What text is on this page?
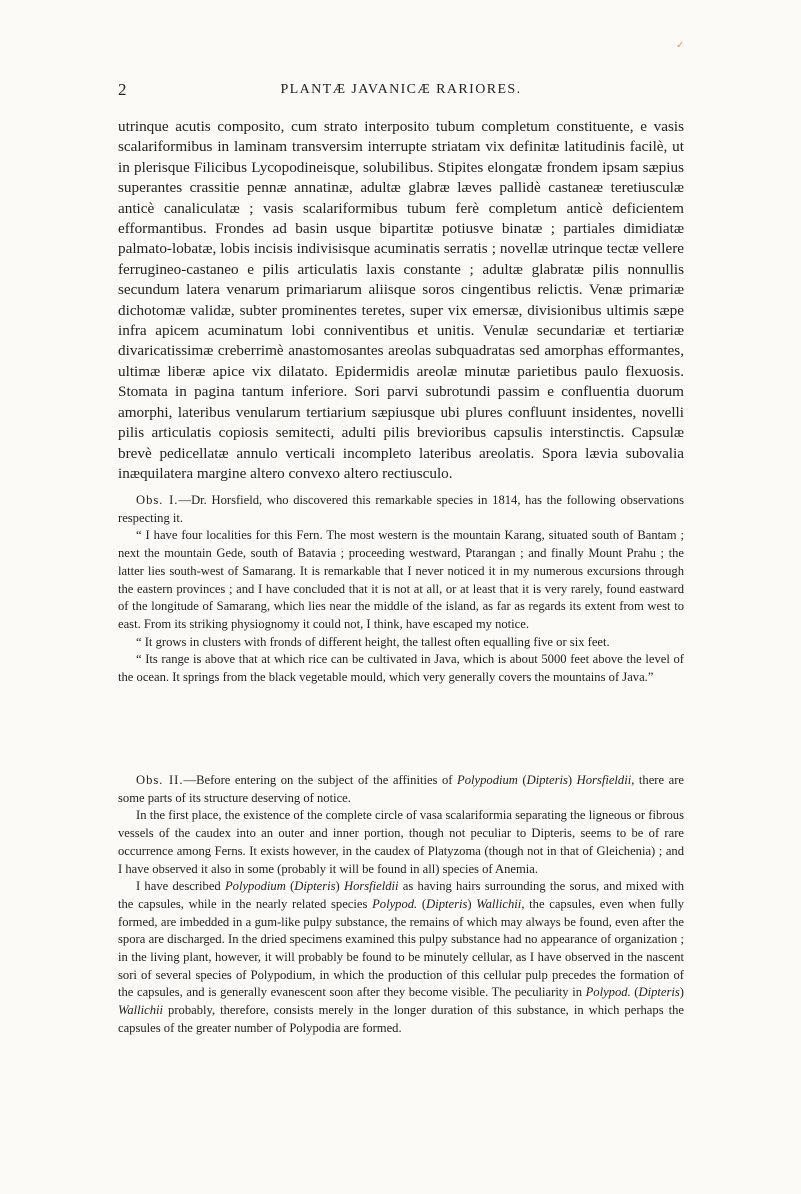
✓
2	PLANTÆ JAVANICÆ RARIORES.

utrinque acutis composito, cum strato interposito tubum completum constituente, e vasis scalariformibus in laminam transversim interrupte striatam vix definitæ latitudinis facilè, ut in plerisque Filicibus Lycopodineisque, solubilibus. Stipites elongatæ frondem ipsam sæpius superantes crassitie pennæ annatinæ, adultæ glabræ læves pallidè castaneæ teretiusculæ anticè canaliculatæ ; vasis scalariformibus tubum ferè completum anticè deficientem efformantibus. Frondes ad basin usque bipartitæ potiusve binatæ ; partiales dimidiatæ palmato-lobatæ, lobis incisis indivisisque acuminatis serratis ; novellæ utrinque tectæ vellere ferrugineo-castaneo e pilis articulatis laxis constante ; adultæ glabratæ pilis nonnullis secundum latera venarum primariarum aliisque soros cingentibus relictis. Venæ primariæ dichotomæ validæ, subter prominentes teretes, super vix emersæ, divisionibus ultimis sæpe infra apicem acuminatum lobi conniventibus et unitis. Venulæ secundariæ et tertiariæ divaricatissimæ creberrimè anastomosantes areolas subquadratas sed amorphas efformantes, ultimæ liberæ apice vix dilatato. Epidermidis areolæ minutæ parietibus paulo flexuosis. Stomata in pagina tantum inferiore. Sori parvi subrotundi passim e confluentia duorum amorphi, lateribus venularum tertiarium sæpiusque ubi plures confluunt insidentes, novelli pilis articulatis copiosis semitecti, adulti pilis brevioribus capsulis interstinctis. Capsulæ brevè pedicellatæ annulo verticali incompleto lateribus areolatis. Spora lævia subovalia inæquilatera margine altero convexo altero rectiusculo.

Obs. I.—Dr. Horsfield, who discovered this remarkable species in 1814, has the following observations respecting it.

“ I have four localities for this Fern. The most western is the mountain Karang, situated south of Bantam ; next the mountain Gede, south of Batavia ; proceeding westward, Ptarangan ; and finally Mount Prahu ; the latter lies south-west of Samarang. It is remarkable that I never noticed it in my numerous excursions through the eastern provinces ; and I have concluded that it is not at all, or at least that it is very rarely, found eastward of the longitude of Samarang, which lies near the middle of the island, as far as regards its extent from west to east. From its striking physiognomy it could not, I think, have escaped my notice.

“ It grows in clusters with fronds of different height, the tallest often equalling five or six feet.

“ Its range is above that at which rice can be cultivated in Java, which is about 5000 feet above the level of the ocean. It springs from the black vegetable mould, which very generally covers the mountains of Java.”

Obs. II.—Before entering on the subject of the affinities of Polypodium (Dipteris) Horsfieldii, there are some parts of its structure deserving of notice.

In the first place, the existence of the complete circle of vasa scalariformia separating the ligneous or fibrous vessels of the caudex into an outer and inner portion, though not peculiar to Dipteris, seems to be of rare occurrence among Ferns. It exists however, in the caudex of Platyzoma (though not in that of Gleichenia) ; and I have observed it also in some (probably it will be found in all) species of Anemia.

I have described Polypodium (Dipteris) Horsfieldii as having hairs surrounding the sorus, and mixed with the capsules, while in the nearly related species Polypod. (Dipteris) Wallichii, the capsules, even when fully formed, are imbedded in a gum-like pulpy substance, the remains of which may always be found, even after the spora are discharged. In the dried specimens examined this pulpy substance had no appearance of organization ; in the living plant, however, it will probably be found to be minutely cellular, as I have observed in the nascent sori of several species of Polypodium, in which the production of this cellular pulp precedes the formation of the capsules, and is generally evanescent soon after they become visible. The peculiarity in Polypod. (Dipteris) Wallichii probably, therefore, consists merely in the longer duration of this substance, in which perhaps the capsules of the greater number of Polypodia are formed.
